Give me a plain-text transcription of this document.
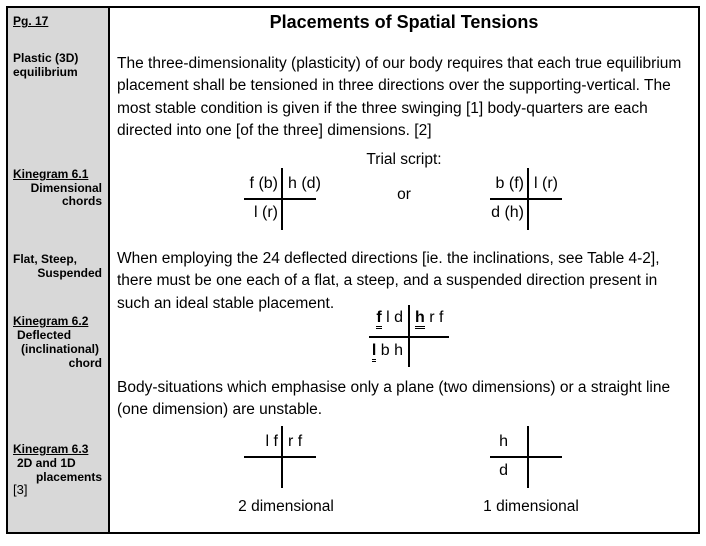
Pg. 17
Plastic (3D)
equilibrium
Kinegram 6.1
Dimensional
chords
Flat, Steep,
Suspended
Kinegram 6.2
Deflected
(inclinational)
chord
Kinegram 6.3
2D and 1D
placements
[3]
Placements of Spatial Tensions
The three-dimensionality (plasticity) of our body requires that each true equilibrium
placement shall be tensioned in three directions over the supporting-vertical. The
most stable condition is given if the three swinging [1] body-quarters are each
directed into one [of the three] dimensions. [2]
Trial script:
f (b) h (d)
l (r)
or
b (f) l (r)
d (h)
When employing the 24 deflected directions [ie. the inclinations, see Table 4-2],
there must be one each of a flat, a steep, and a suspended direction present in
such an ideal stable placement.
f l d h r f
l b h
Body-situations which emphasise only a plane (two dimensions) or a straight line
(one dimension) are unstable.
l f r f	h
d
2 dimensional	1 dimensional
